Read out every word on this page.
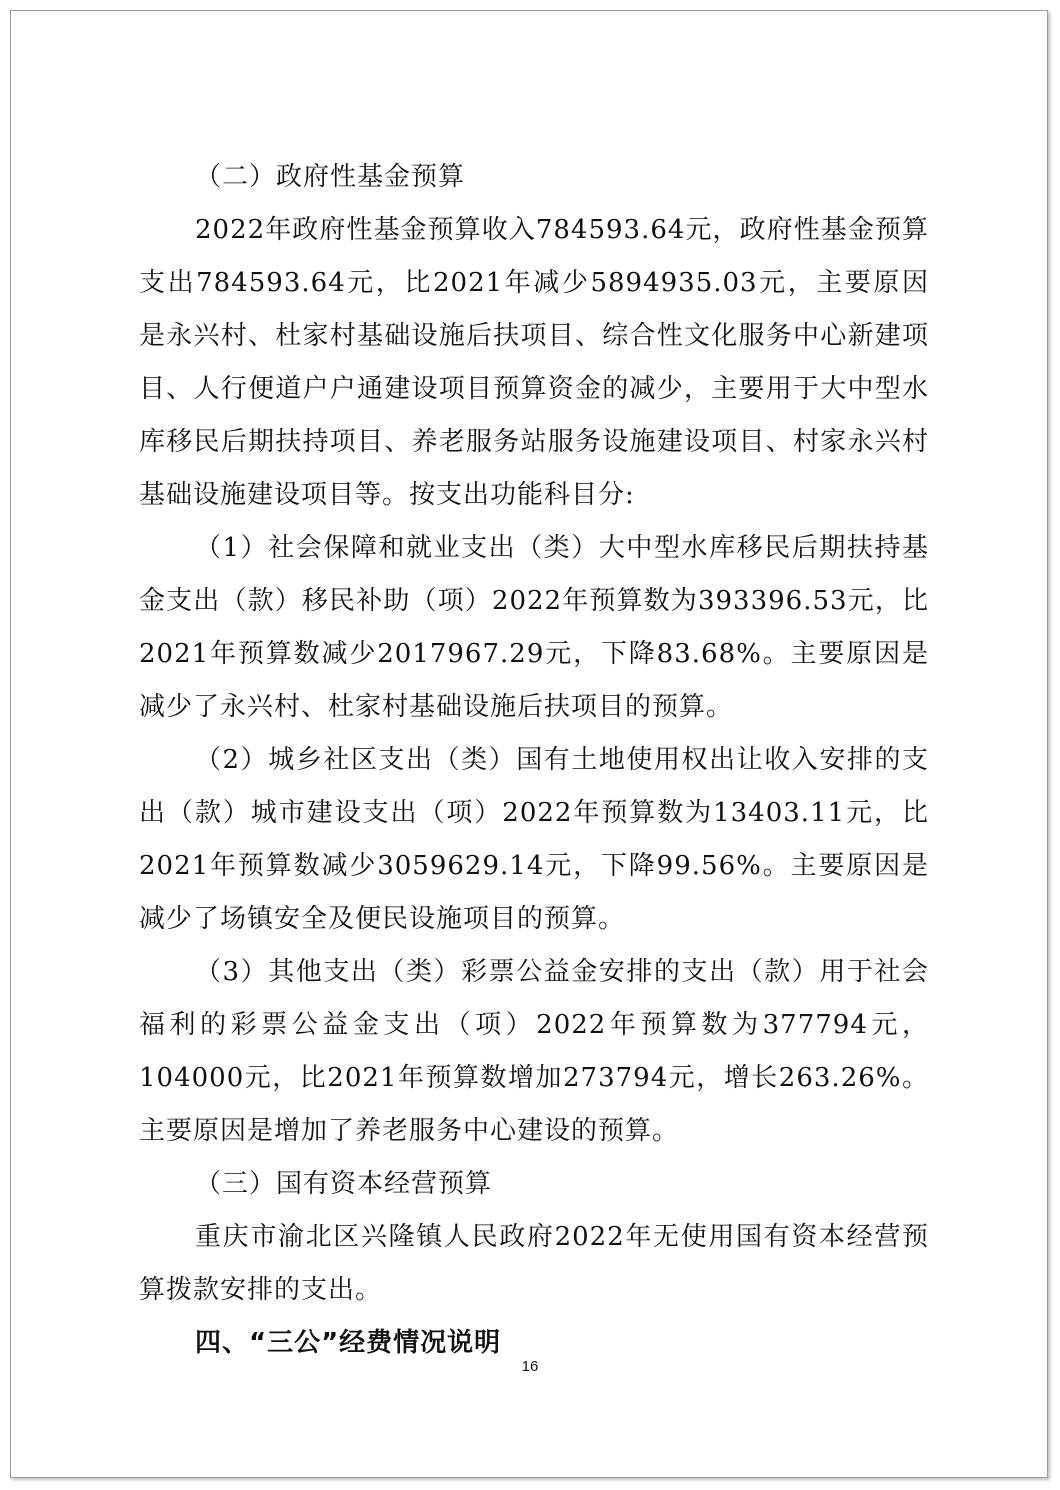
（二）政府性基金预算

2022年政府性基金预算收入784593.64元，政府性基金预算支出784593.64元，比2021年减少5894935.03元，主要原因是永兴村、杜家村基础设施后扶项目、综合性文化服务中心新建项目、人行便道户户通建设项目预算资金的减少，主要用于大中型水库移民后期扶持项目、养老服务站服务设施建设项目、村家永兴村基础设施建设项目等。按支出功能科目分:

（1）社会保障和就业支出（类）大中型水库移民后期扶持基金支出（款）移民补助（项）2022年预算数为393396.53元，比2021年预算数减少2017967.29元，下降83.68%。主要原因是减少了永兴村、杜家村基础设施后扶项目的预算。

（2）城乡社区支出（类）国有土地使用权出让收入安排的支出（款）城市建设支出（项）2022年预算数为13403.11元，比2021年预算数减少3059629.14元，下降99.56%。主要原因是减少了场镇安全及便民设施项目的预算。

（3）其他支出（类）彩票公益金安排的支出（款）用于社会福利的彩票公益金支出（项）2022年预算数为377794元，104000元，比2021年预算数增加273794元，增长263.26%。主要原因是增加了养老服务中心建设的预算。

（三）国有资本经营预算

重庆市渝北区兴隆镇人民政府2022年无使用国有资本经营预算拨款安排的支出。

四、“三公”经费情况说明

16
